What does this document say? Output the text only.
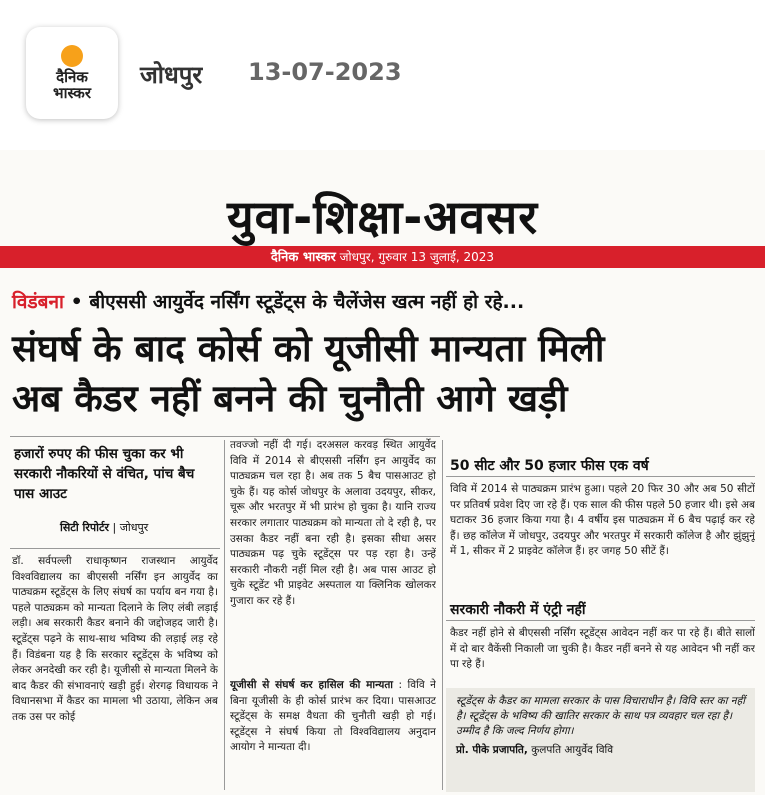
दैनिक
भास्कर
जोधपुर 13-07-2023
युवा-शिक्षा-अवसर
दैनिक भास्कर जोधपुर, गुरुवार 13 जुलाई, 2023
विडंबना • बीएससी आयुर्वेद नर्सिंग स्टूडेंट्स के चैलेंजेस खत्म नहीं हो रहे...
संघर्ष के बाद कोर्स को यूजीसी मान्यता मिली
अब कैडर नहीं बनने की चुनौती आगे खड़ी
हजारों रुपए की फीस चुका कर भी सरकारी नौकरियों से वंचित, पांच बैच पास आउट
सिटी रिपोर्टर | जोधपुर
डॉ. सर्वपल्ली राधाकृष्णन राजस्थान आयुर्वेद विश्वविद्यालय का बीएससी नर्सिंग इन आयुर्वेद का पाठ्यक्रम स्टूडेंट्स के लिए संघर्ष का पर्याय बन गया है। पहले पाठ्यक्रम को मान्यता दिलाने के लिए लंबी लड़ाई लड़ी। अब सरकारी कैडर बनाने की जद्दोजहद जारी है। स्टूडेंट्स पढ़ने के साथ-साथ भविष्य की लड़ाई लड़ रहे हैं। विडंबना यह है कि सरकार स्टूडेंट्स के भविष्य को लेकर अनदेखी कर रही है। यूजीसी से मान्यता मिलने के बाद कैडर की संभावनाएं खड़ी हुई। शेरगढ़ विधायक ने विधानसभा में कैडर का मामला भी उठाया, लेकिन अब तक उस पर कोई
तवज्जो नहीं दी गई। दरअसल करवड़ स्थित आयुर्वेद विवि में 2014 से बीएससी नर्सिंग इन आयुर्वेद का पाठ्यक्रम चल रहा है। अब तक 5 बैच पासआउट हो चुके हैं। यह कोर्स जोधपुर के अलावा उदयपुर, सीकर, चूरू और भरतपुर में भी प्रारंभ हो चुका है। यानि राज्य सरकार लगातार पाठ्यक्रम को मान्यता तो दे रही है, पर उसका कैडर नहीं बना रही है। इसका सीधा असर पाठ्यक्रम पढ़ चुके स्टूडेंट्स पर पड़ रहा है। उन्हें सरकारी नौकरी नहीं मिल रही है। अब पास आउट हो चुके स्टूडेंट भी प्राइवेट अस्पताल या क्लिनिक खोलकर गुजारा कर रहे हैं।
यूजीसी से संघर्ष कर हासिल की मान्यता : विवि ने बिना यूजीसी के ही कोर्स प्रारंभ कर दिया। पासआउट स्टूडेंट्स के समक्ष वैधता की चुनौती खड़ी हो गई। स्टूडेंट्स ने संघर्ष किया तो विश्वविद्यालय अनुदान आयोग ने मान्यता दी।
50 सीट और 50 हजार फीस एक वर्ष
विवि में 2014 से पाठ्यक्रम प्रारंभ हुआ। पहले 20 फिर 30 और अब 50 सीटों पर प्रतिवर्ष प्रवेश दिए जा रहे हैं। एक साल की फीस पहले 50 हजार थी। इसे अब घटाकर 36 हजार किया गया है। 4 वर्षीय इस पाठ्यक्रम में 6 बैच पढ़ाई कर रहे हैं। छह कॉलेज में जोधपुर, उदयपुर और भरतपुर में सरकारी कॉलेज है और झुंझुनूं में 1, सीकर में 2 प्राइवेट कॉलेज हैं। हर जगह 50 सीटें हैं।
सरकारी नौकरी में एंट्री नहीं
कैडर नहीं होने से बीएससी नर्सिंग स्टूडेंट्स आवेदन नहीं कर पा रहे हैं। बीते सालों में दो बार वैकेंसी निकाली जा चुकी है। कैडर नहीं बनने से यह आवेदन भी नहीं कर पा रहे हैं।
स्टूडेंट्स के कैडर का मामला सरकार के पास विचाराधीन है। विवि स्तर का नहीं है। स्टूडेंट्स के भविष्य की खातिर सरकार के साथ पत्र व्यवहार चल रहा है। उम्मीद है कि जल्द निर्णय होगा।
प्रो. पीके प्रजापति, कुलपति आयुर्वेद विवि
